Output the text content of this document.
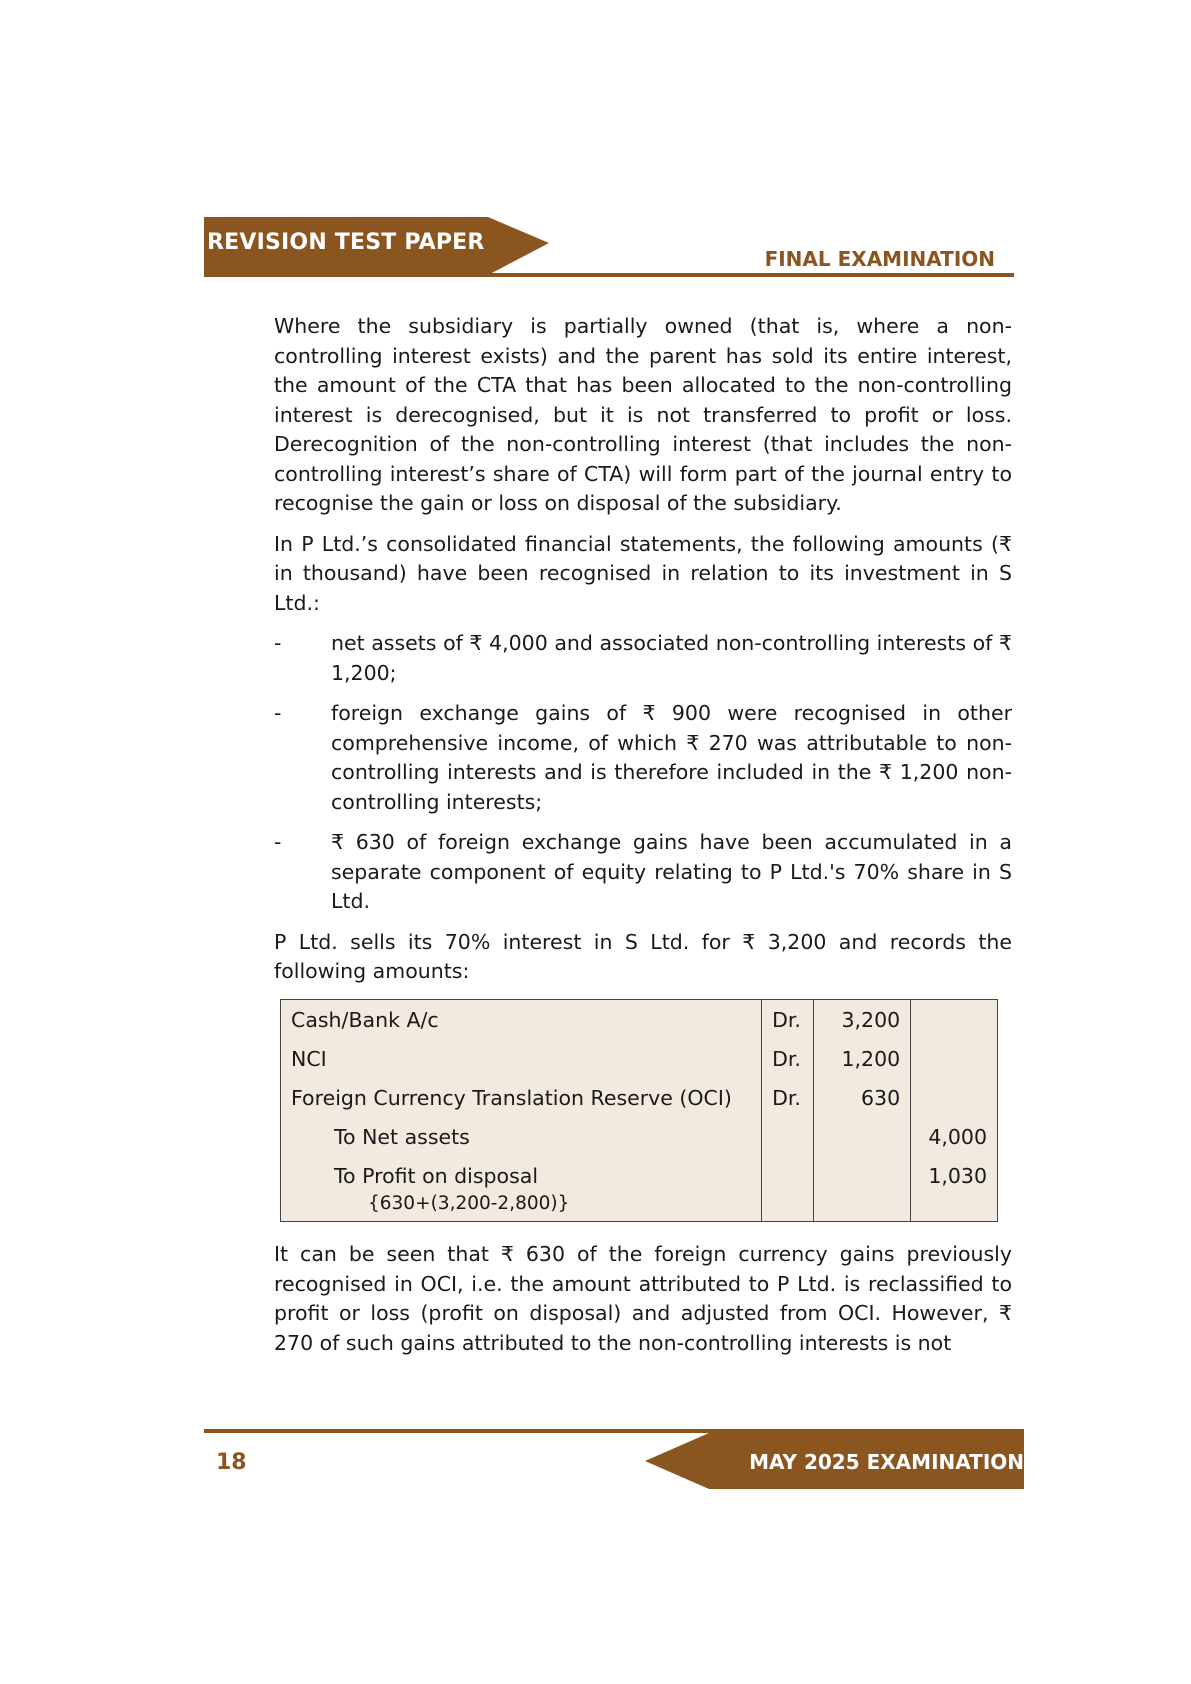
REVISION TEST PAPER
FINAL EXAMINATION

Where the subsidiary is partially owned (that is, where a non-controlling interest exists) and the parent has sold its entire interest, the amount of the CTA that has been allocated to the non-controlling interest is derecognised, but it is not transferred to profit or loss. Derecognition of the non-controlling interest (that includes the non-controlling interest’s share of CTA) will form part of the journal entry to recognise the gain or loss on disposal of the subsidiary.

In P Ltd.’s consolidated financial statements, the following amounts (₹ in thousand) have been recognised in relation to its investment in S Ltd.:

-	net assets of ₹ 4,000 and associated non-controlling interests of ₹ 1,200;
-	foreign exchange gains of ₹ 900 were recognised in other comprehensive income, of which ₹ 270 was attributable to non-controlling interests and is therefore included in the ₹ 1,200 non-controlling interests;
-	₹ 630 of foreign exchange gains have been accumulated in a separate component of equity relating to P Ltd.'s 70% share in S Ltd.

P Ltd. sells its 70% interest in S Ltd. for ₹ 3,200 and records the following amounts:

Cash/Bank A/c	Dr.	3,200	
NCI	Dr.	1,200	
Foreign Currency Translation Reserve (OCI)	Dr.	630	

To Net assets			4,000

To Profit on disposal
{630+(3,200-2,800)}			1,030

It can be seen that ₹ 630 of the foreign currency gains previously recognised in OCI, i.e. the amount attributed to P Ltd. is reclassified to profit or loss (profit on disposal) and adjusted from OCI. However, ₹ 270 of such gains attributed to the non-controlling interests is not

18	MAY 2025 EXAMINATION
